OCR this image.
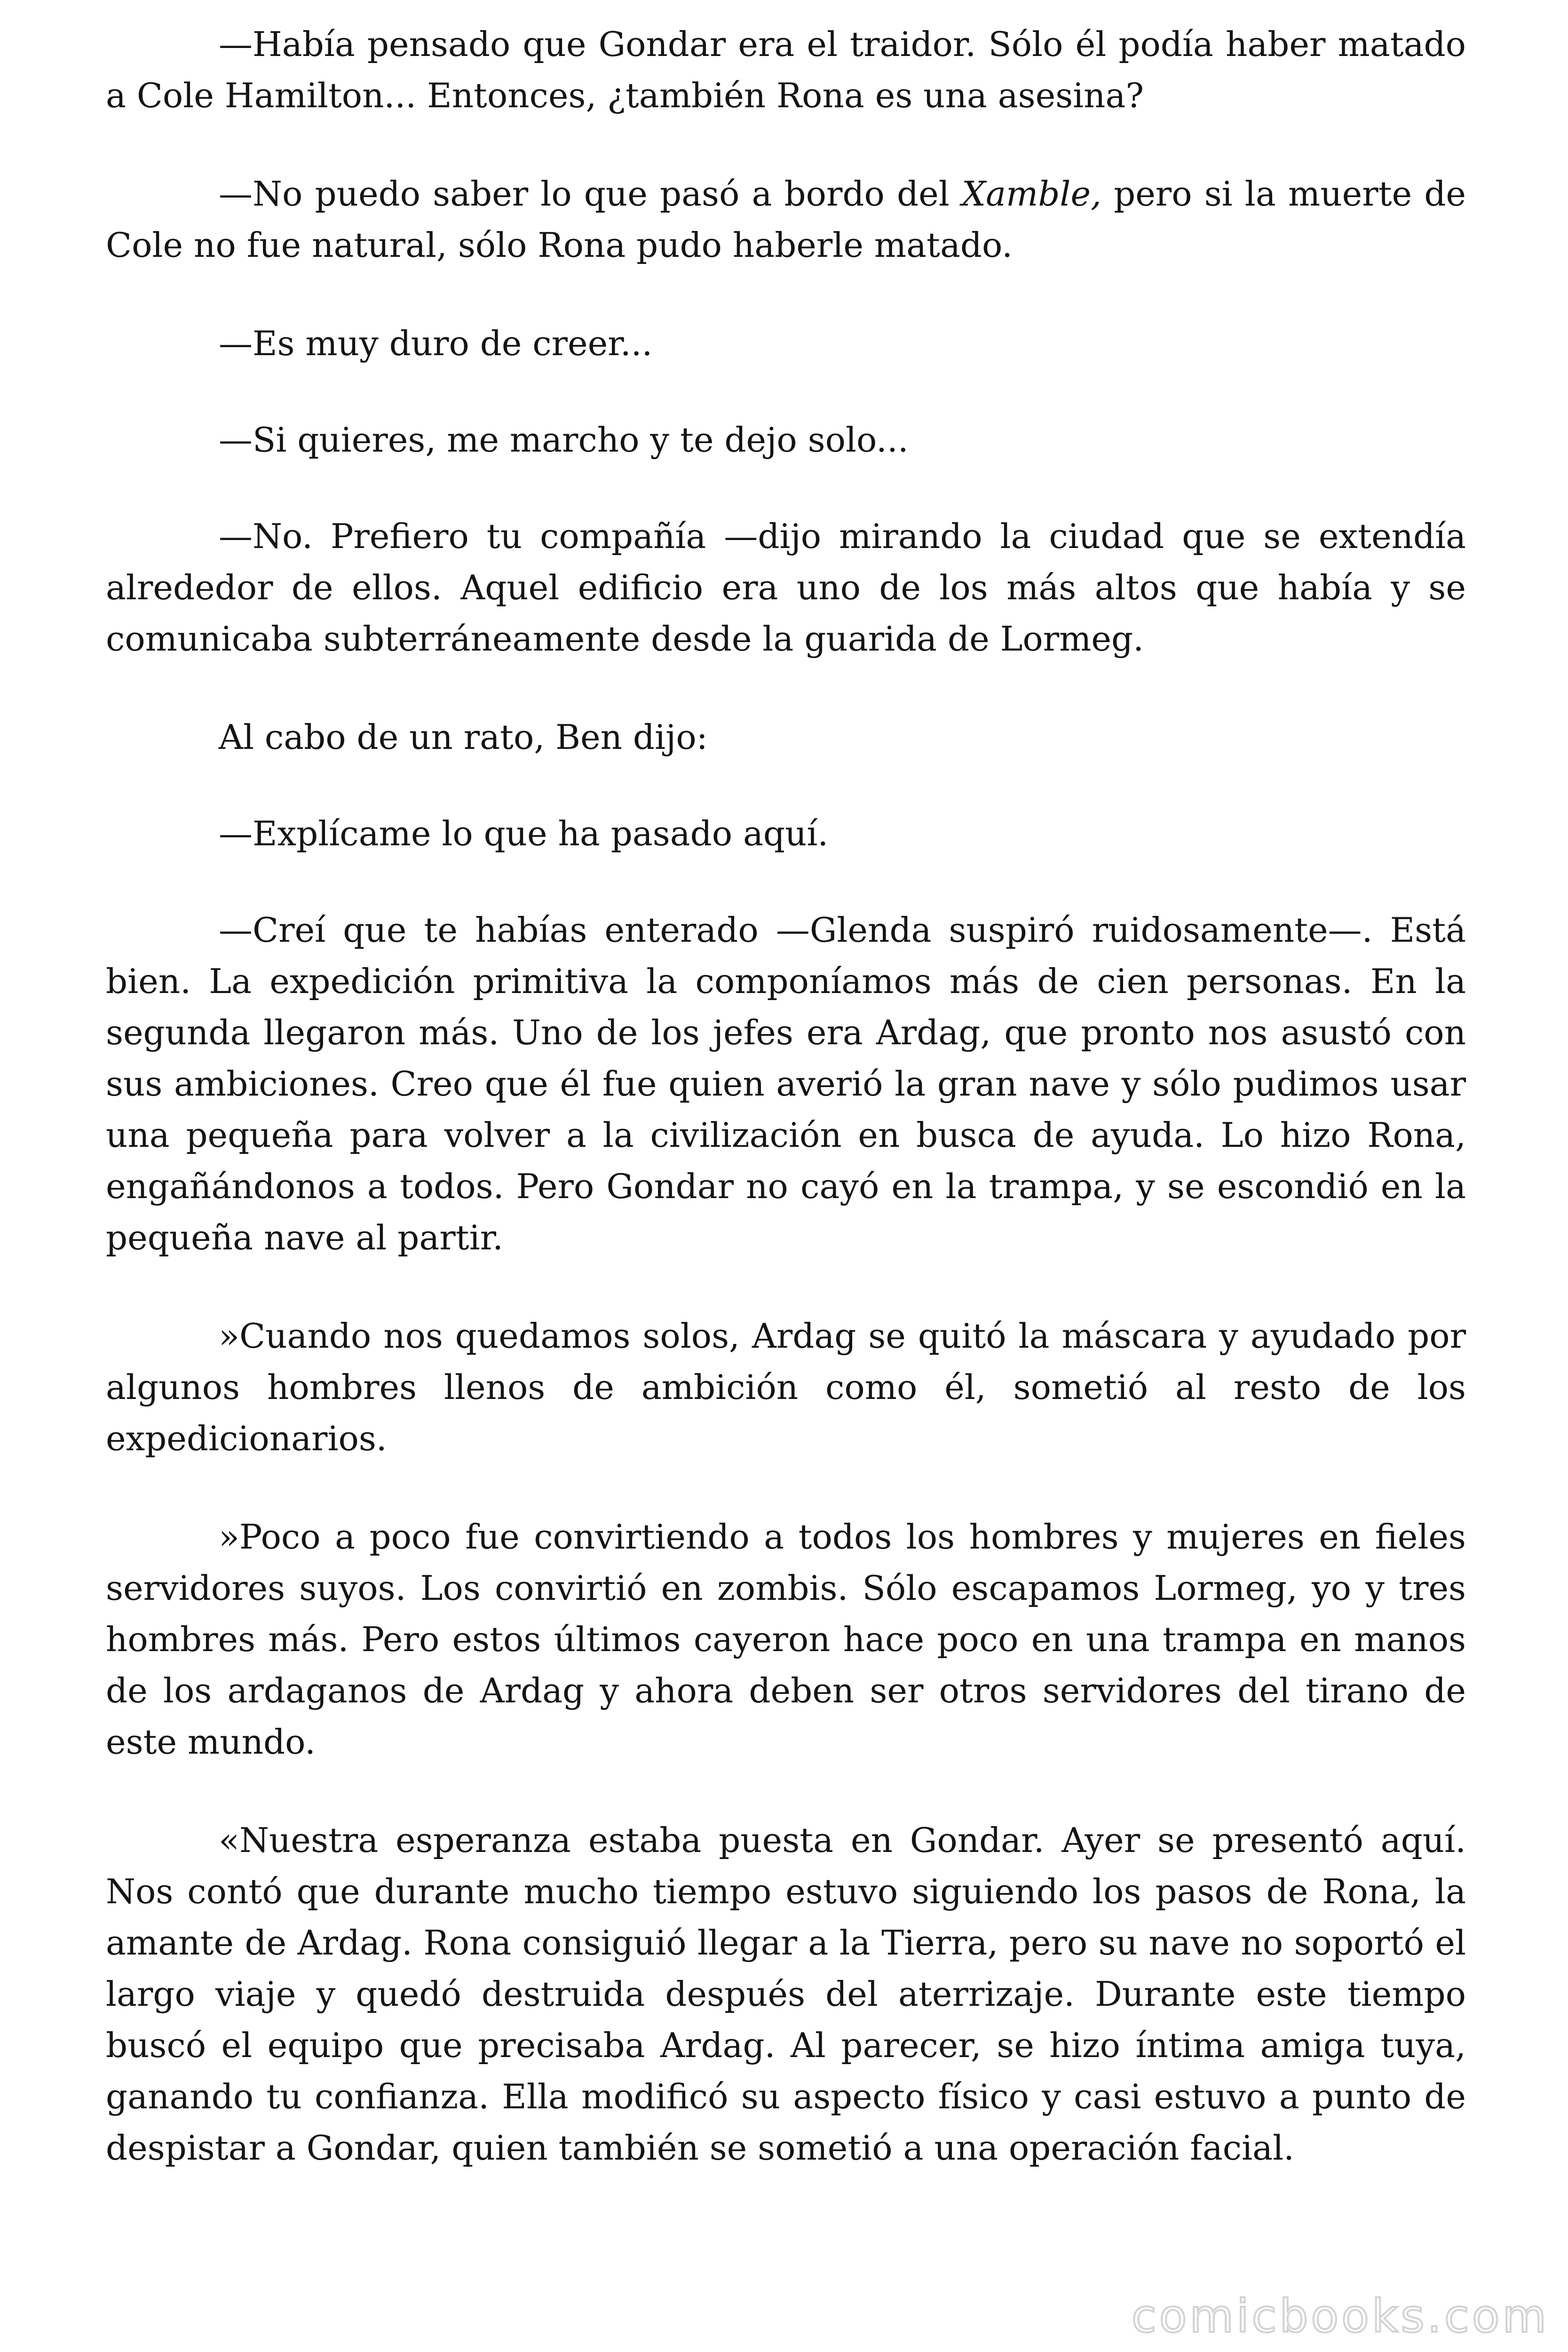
—Había pensado que Gondar era el traidor. Sólo él podía haber matado a Cole Hamilton... Entonces, ¿también Rona es una asesina?

—No puedo saber lo que pasó a bordo del Xamble, pero si la muerte de Cole no fue natural, sólo Rona pudo haberle matado.

—Es muy duro de creer...

—Si quieres, me marcho y te dejo solo...

—No. Prefiero tu compañía —dijo mirando la ciudad que se extendía alrededor de ellos. Aquel edificio era uno de los más altos que había y se comunicaba subterráneamente desde la guarida de Lormeg.

Al cabo de un rato, Ben dijo:

—Explícame lo que ha pasado aquí.

—Creí que te habías enterado —Glenda suspiró ruidosamente—. Está bien. La expedición primitiva la componíamos más de cien personas. En la segunda llegaron más. Uno de los jefes era Ardag, que pronto nos asustó con sus ambiciones. Creo que él fue quien averió la gran nave y sólo pudimos usar una pequeña para volver a la civilización en busca de ayuda. Lo hizo Rona, engañándonos a todos. Pero Gondar no cayó en la trampa, y se escondió en la pequeña nave al partir.

»Cuando nos quedamos solos, Ardag se quitó la máscara y ayudado por algunos hombres llenos de ambición como él, sometió al resto de los expedicionarios.

»Poco a poco fue convirtiendo a todos los hombres y mujeres en fieles servidores suyos. Los convirtió en zombis. Sólo escapamos Lormeg, yo y tres hombres más. Pero estos últimos cayeron hace poco en una trampa en manos de los ardaganos de Ardag y ahora deben ser otros servidores del tirano de este mundo.

«Nuestra esperanza estaba puesta en Gondar. Ayer se presentó aquí. Nos contó que durante mucho tiempo estuvo siguiendo los pasos de Rona, la amante de Ardag. Rona consiguió llegar a la Tierra, pero su nave no soportó el largo viaje y quedó destruida después del aterrizaje. Durante este tiempo buscó el equipo que precisaba Ardag. Al parecer, se hizo íntima amiga tuya, ganando tu confianza. Ella modificó su aspecto físico y casi estuvo a punto de despistar a Gondar, quien también se sometió a una operación facial.

comicbooks.com
